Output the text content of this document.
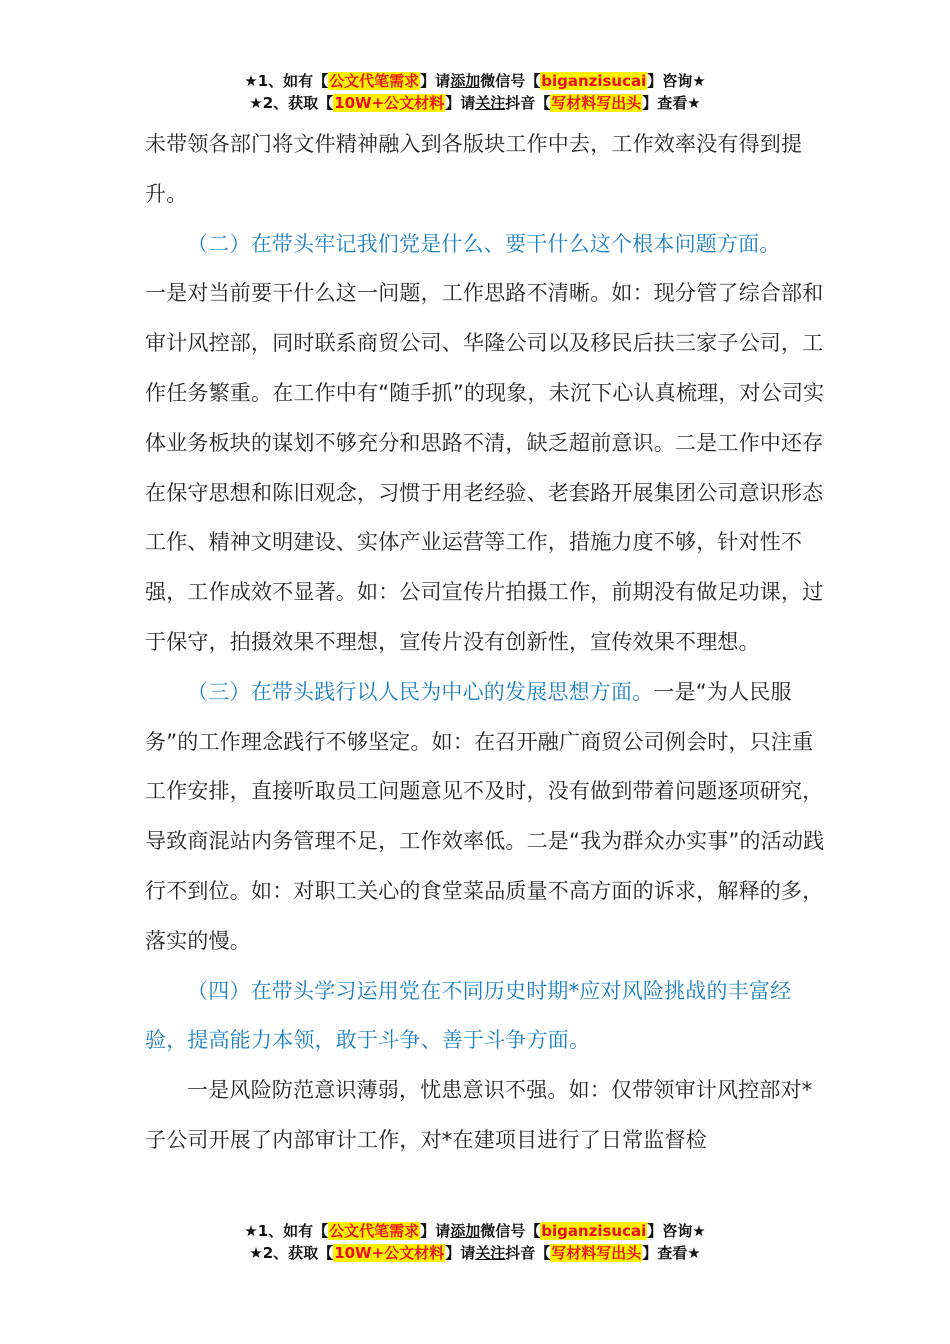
★1、如有【公文代笔需求】请添加微信号【biganzisucai】咨询★
★2、获取【10W+公文材料】请关注抖音【写材料写出头】查看★

未带领各部门将文件精神融入到各版块工作中去，工作效率没有得到提升。

（二）在带头牢记我们党是什么、要干什么这个根本问题方面。

一是对当前要干什么这一问题，工作思路不清晰。如：现分管了综合部和审计风控部，同时联系商贸公司、华隆公司以及移民后扶三家子公司，工作任务繁重。在工作中有“随手抓”的现象，未沉下心认真梳理，对公司实体业务板块的谋划不够充分和思路不清，缺乏超前意识。二是工作中还存在保守思想和陈旧观念，习惯于用老经验、老套路开展集团公司意识形态工作、精神文明建设、实体产业运营等工作，措施力度不够，针对性不强，工作成效不显著。如：公司宣传片拍摄工作，前期没有做足功课，过于保守，拍摄效果不理想，宣传片没有创新性，宣传效果不理想。

（三）在带头践行以人民为中心的发展思想方面。一是“为人民服务”的工作理念践行不够坚定。如：在召开融广商贸公司例会时，只注重工作安排，直接听取员工问题意见不及时，没有做到带着问题逐项研究，导致商混站内务管理不足，工作效率低。二是“我为群众办实事”的活动践行不到位。如：对职工关心的食堂菜品质量不高方面的诉求，解释的多，落实的慢。

（四）在带头学习运用党在不同历史时期*应对风险挑战的丰富经验，提高能力本领，敢于斗争、善于斗争方面。

一是风险防范意识薄弱，忧患意识不强。如：仅带领审计风控部对*子公司开展了内部审计工作，对*在建项目进行了日常监督检

★1、如有【公文代笔需求】请添加微信号【biganzisucai】咨询★
★2、获取【10W+公文材料】请关注抖音【写材料写出头】查看★
